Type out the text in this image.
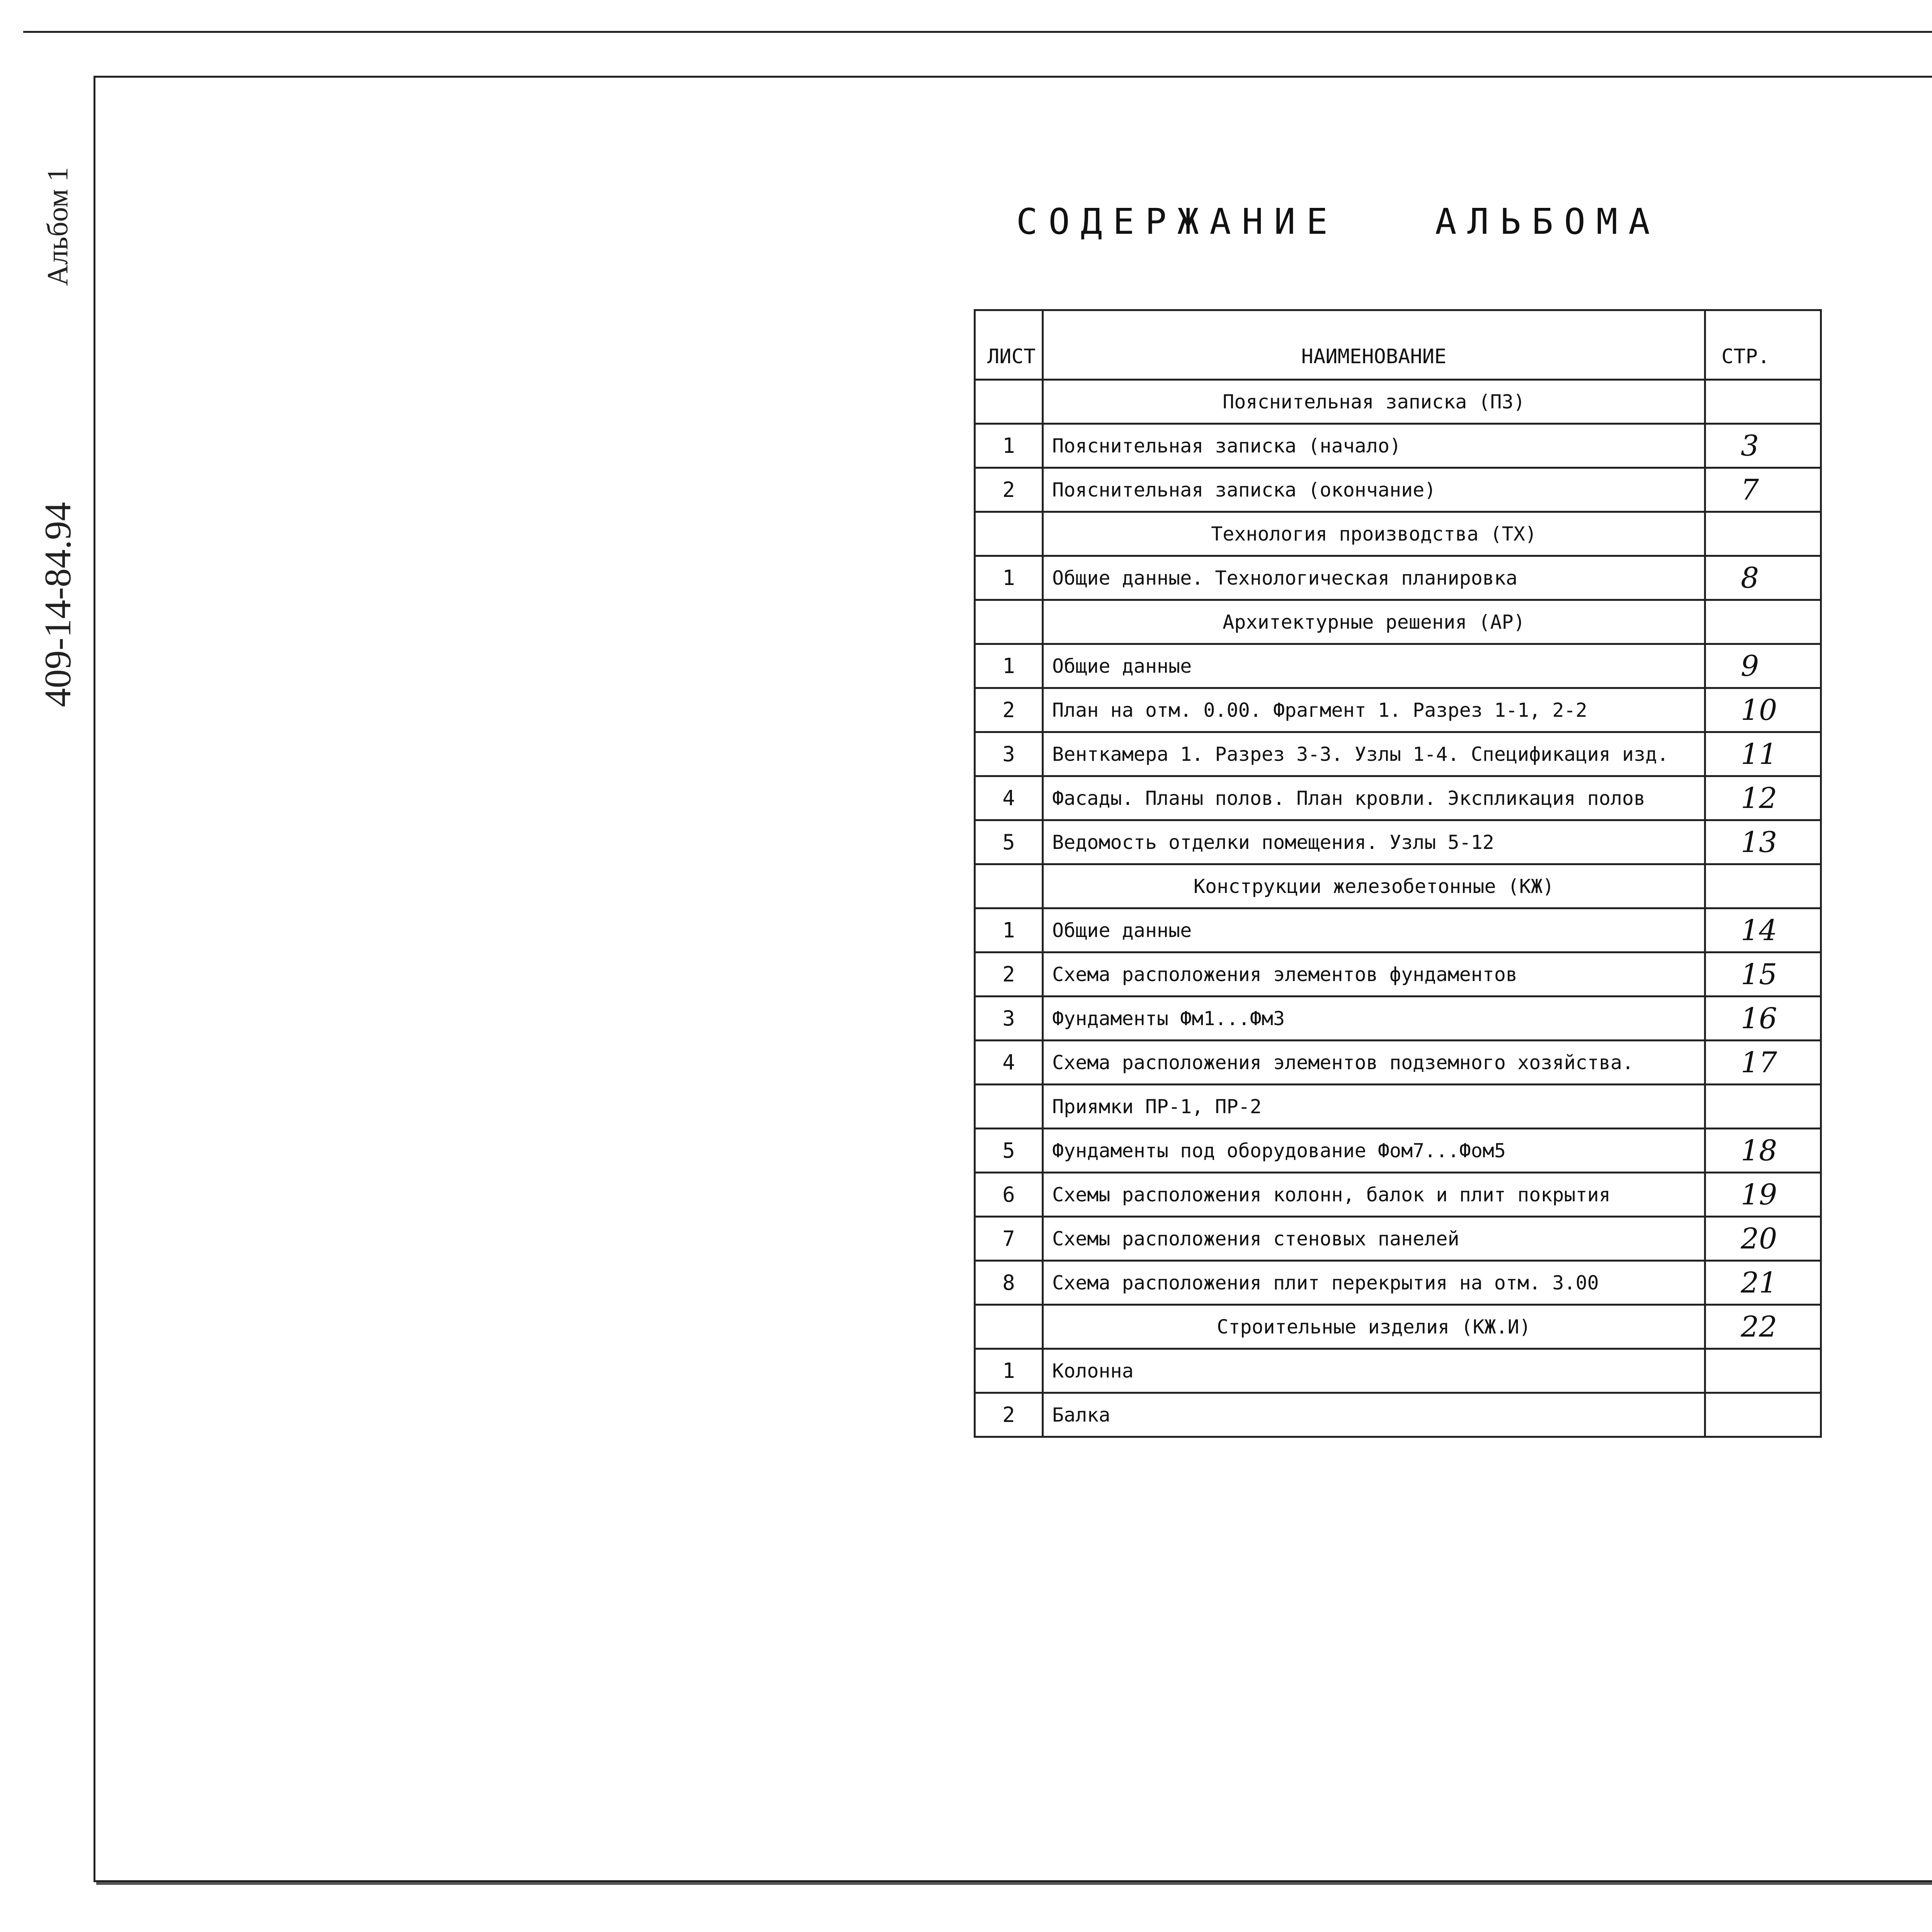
Альбом 1
409-14-84.94
СОДЕРЖАНИЕ   АЛЬБОМА
ЛИСТ	НАИМЕНОВАНИЕ	СТР.
	Пояснительная записка (ПЗ)	
1	Пояснительная записка (начало)	3
2	Пояснительная записка (окончание)	7
	Технология производства (ТХ)	
1	Общие данные. Технологическая планировка	8
	Архитектурные решения (АР)	
1	Общие данные	9
2	План на отм. 0.00. Фрагмент 1. Разрез 1-1, 2-2	10
3	Венткамера 1. Разрез 3-3. Узлы 1-4. Спецификация изд.	11
4	Фасады. Планы полов. План кровли. Экспликация полов	12
5	Ведомость отделки помещения. Узлы 5-12	13
	Конструкции железобетонные (КЖ)	
1	Общие данные	14
2	Схема расположения элементов фундаментов	15
3	Фундаменты Фм1...Фм3	16
4	Схема расположения элементов подземного хозяйства.	17
	Приямки ПР-1, ПР-2	
5	Фундаменты под оборудование Фом7...Фом5	18
6	Схемы расположения колонн, балок и плит покрытия	19
7	Схемы расположения стеновых панелей	20
8	Схема расположения плит перекрытия на отм. 3.00	21
	Строительные изделия (КЖ.И)	22
1	Колонна	
2	Балка	
